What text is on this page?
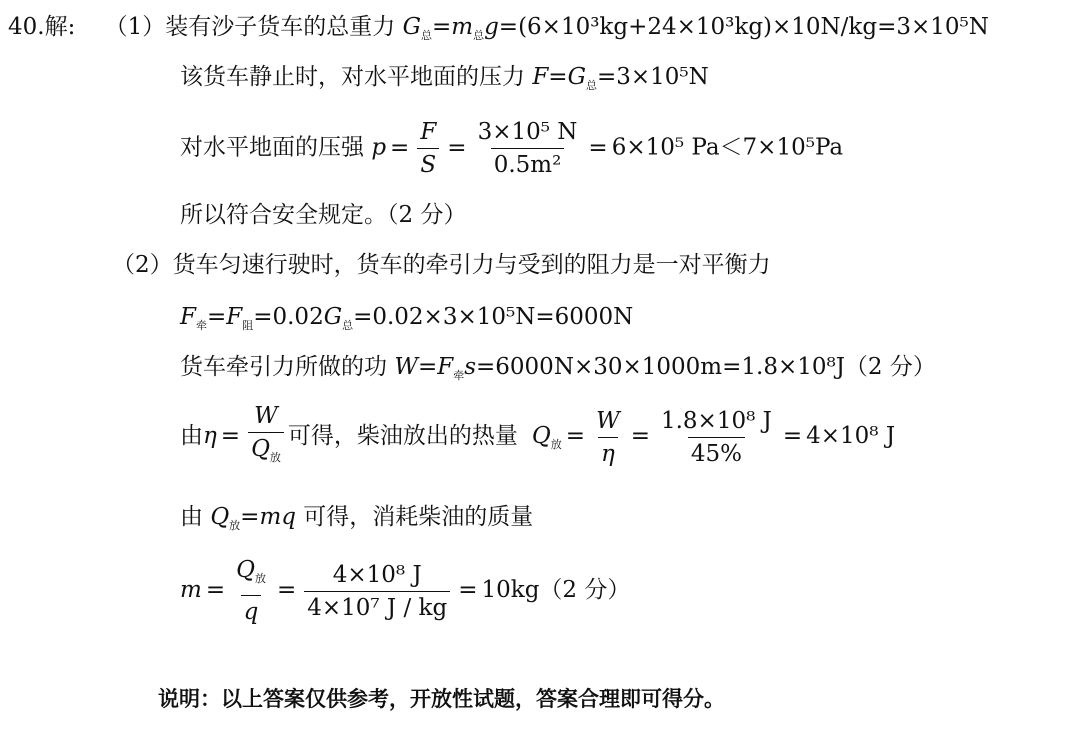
40.解: （1）装有沙子货车的总重力 $G_总=m_总g=(6\times 10^3kg+24\times 10^3kg)\times 10N/kg=3\times 10^5N$
该货车静止时，对水平地面的压力 $F=G_总=3\times 10^5N$
对水平地面的压强 $p = \frac{F}{S} = \frac{\text{3×10⁵ N}}{\text{0.5m²}} = 6\times 10^5$ Pa＜7×10⁵Pa
所以符合安全规定。（2 分）
（2）货车匀速行驶时，货车的牵引力与受到的阻力是一对平衡力
$F_牵=F_阻=0.02G_总=0.02\times 3\times 10^5N=6000N$
货车牵引力所做的功 $W=F_牵s=6000N\times 30\times 1000m=1.8\times 10^8J(2$ 分）
由$\eta = \frac{W}{Q_放}$ 可得，柴油放出的热量 $Q_放 = \frac{W}{\eta} = \frac{\text{1.8×10⁸ J}}{45\%} = 4\times 10^8$ J
由 $Q_放=mq$ 可得，消耗柴油的质量
$m = \frac{Q_放}{q} = \frac{\text{4×10⁸ J}}{\text{4×10⁷ J / kg}} = 10kg(2$ 分）
说明：以上答案仅供参考，开放性试题，答案合理即可得分。
